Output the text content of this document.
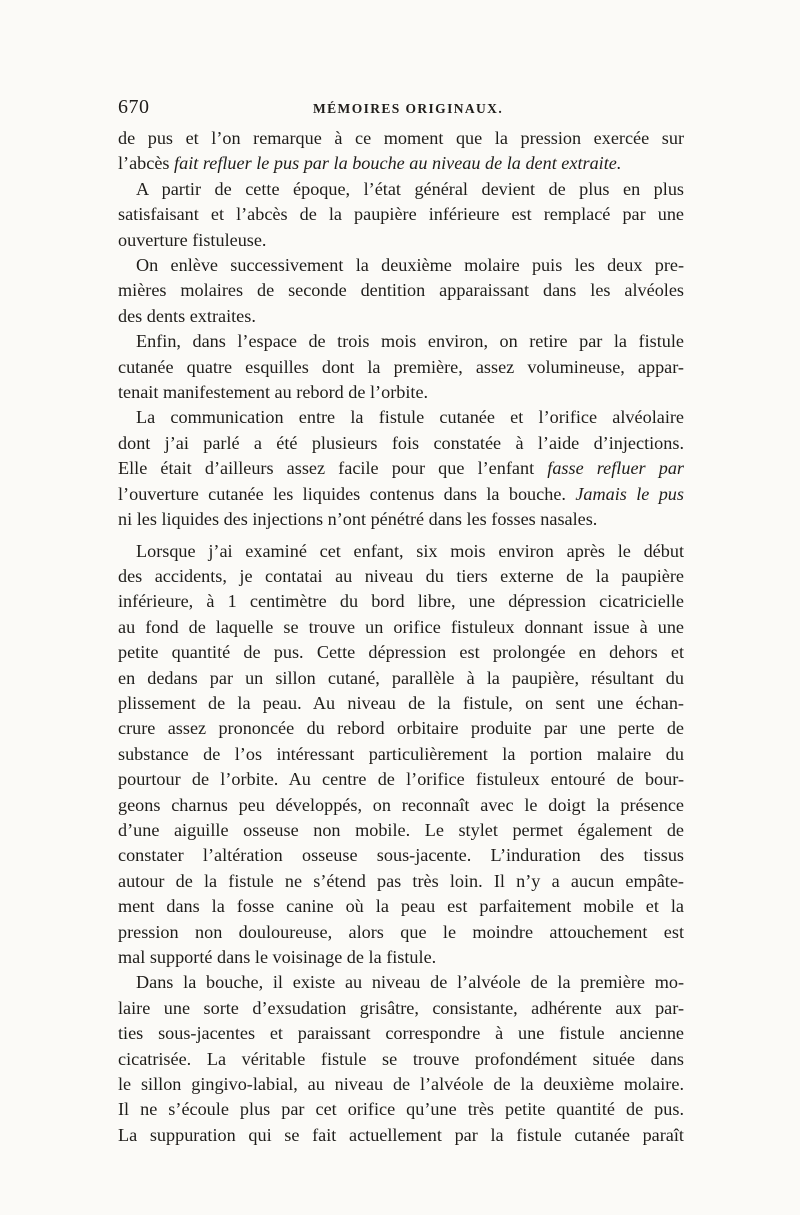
670	MÉMOIRES ORIGINAUX.

de pus et l’on remarque à ce moment que la pression exercée sur
l’abcès fait refluer le pus par la bouche au niveau de la dent extraite.

A partir de cette époque, l’état général devient de plus en plus
satisfaisant et l’abcès de la paupière inférieure est remplacé par une
ouverture fistuleuse.

On enlève successivement la deuxième molaire puis les deux pre-
mières molaires de seconde dentition apparaissant dans les alvéoles
des dents extraites.

Enfin, dans l’espace de trois mois environ, on retire par la fistule
cutanée quatre esquilles dont la première, assez volumineuse, appar-
tenait manifestement au rebord de l’orbite.

La communication entre la fistule cutanée et l’orifice alvéolaire
dont j’ai parlé a été plusieurs fois constatée à l’aide d’injections.
Elle était d’ailleurs assez facile pour que l’enfant fasse refluer par
l’ouverture cutanée les liquides contenus dans la bouche. Jamais le pus
ni les liquides des injections n’ont pénétré dans les fosses nasales.

Lorsque j’ai examiné cet enfant, six mois environ après le début
des accidents, je contatai au niveau du tiers externe de la paupière
inférieure, à 1 centimètre du bord libre, une dépression cicatricielle
au fond de laquelle se trouve un orifice fistuleux donnant issue à une
petite quantité de pus. Cette dépression est prolongée en dehors et
en dedans par un sillon cutané, parallèle à la paupière, résultant du
plissement de la peau. Au niveau de la fistule, on sent une échan-
crure assez prononcée du rebord orbitaire produite par une perte de
substance de l’os intéressant particulièrement la portion malaire du
pourtour de l’orbite. Au centre de l’orifice fistuleux entouré de bour-
geons charnus peu développés, on reconnaît avec le doigt la présence
d’une aiguille osseuse non mobile. Le stylet permet également de
constater l’altération osseuse sous-jacente. L’induration des tissus
autour de la fistule ne s’étend pas très loin. Il n’y a aucun empâte-
ment dans la fosse canine où la peau est parfaitement mobile et la
pression non douloureuse, alors que le moindre attouchement est
mal supporté dans le voisinage de la fistule.

Dans la bouche, il existe au niveau de l’alvéole de la première mo-
laire une sorte d’exsudation grisâtre, consistante, adhérente aux par-
ties sous-jacentes et paraissant correspondre à une fistule ancienne
cicatrisée. La véritable fistule se trouve profondément située dans
le sillon gingivo-labial, au niveau de l’alvéole de la deuxième molaire.
Il ne s’écoule plus par cet orifice qu’une très petite quantité de pus.
La suppuration qui se fait actuellement par la fistule cutanée paraît
